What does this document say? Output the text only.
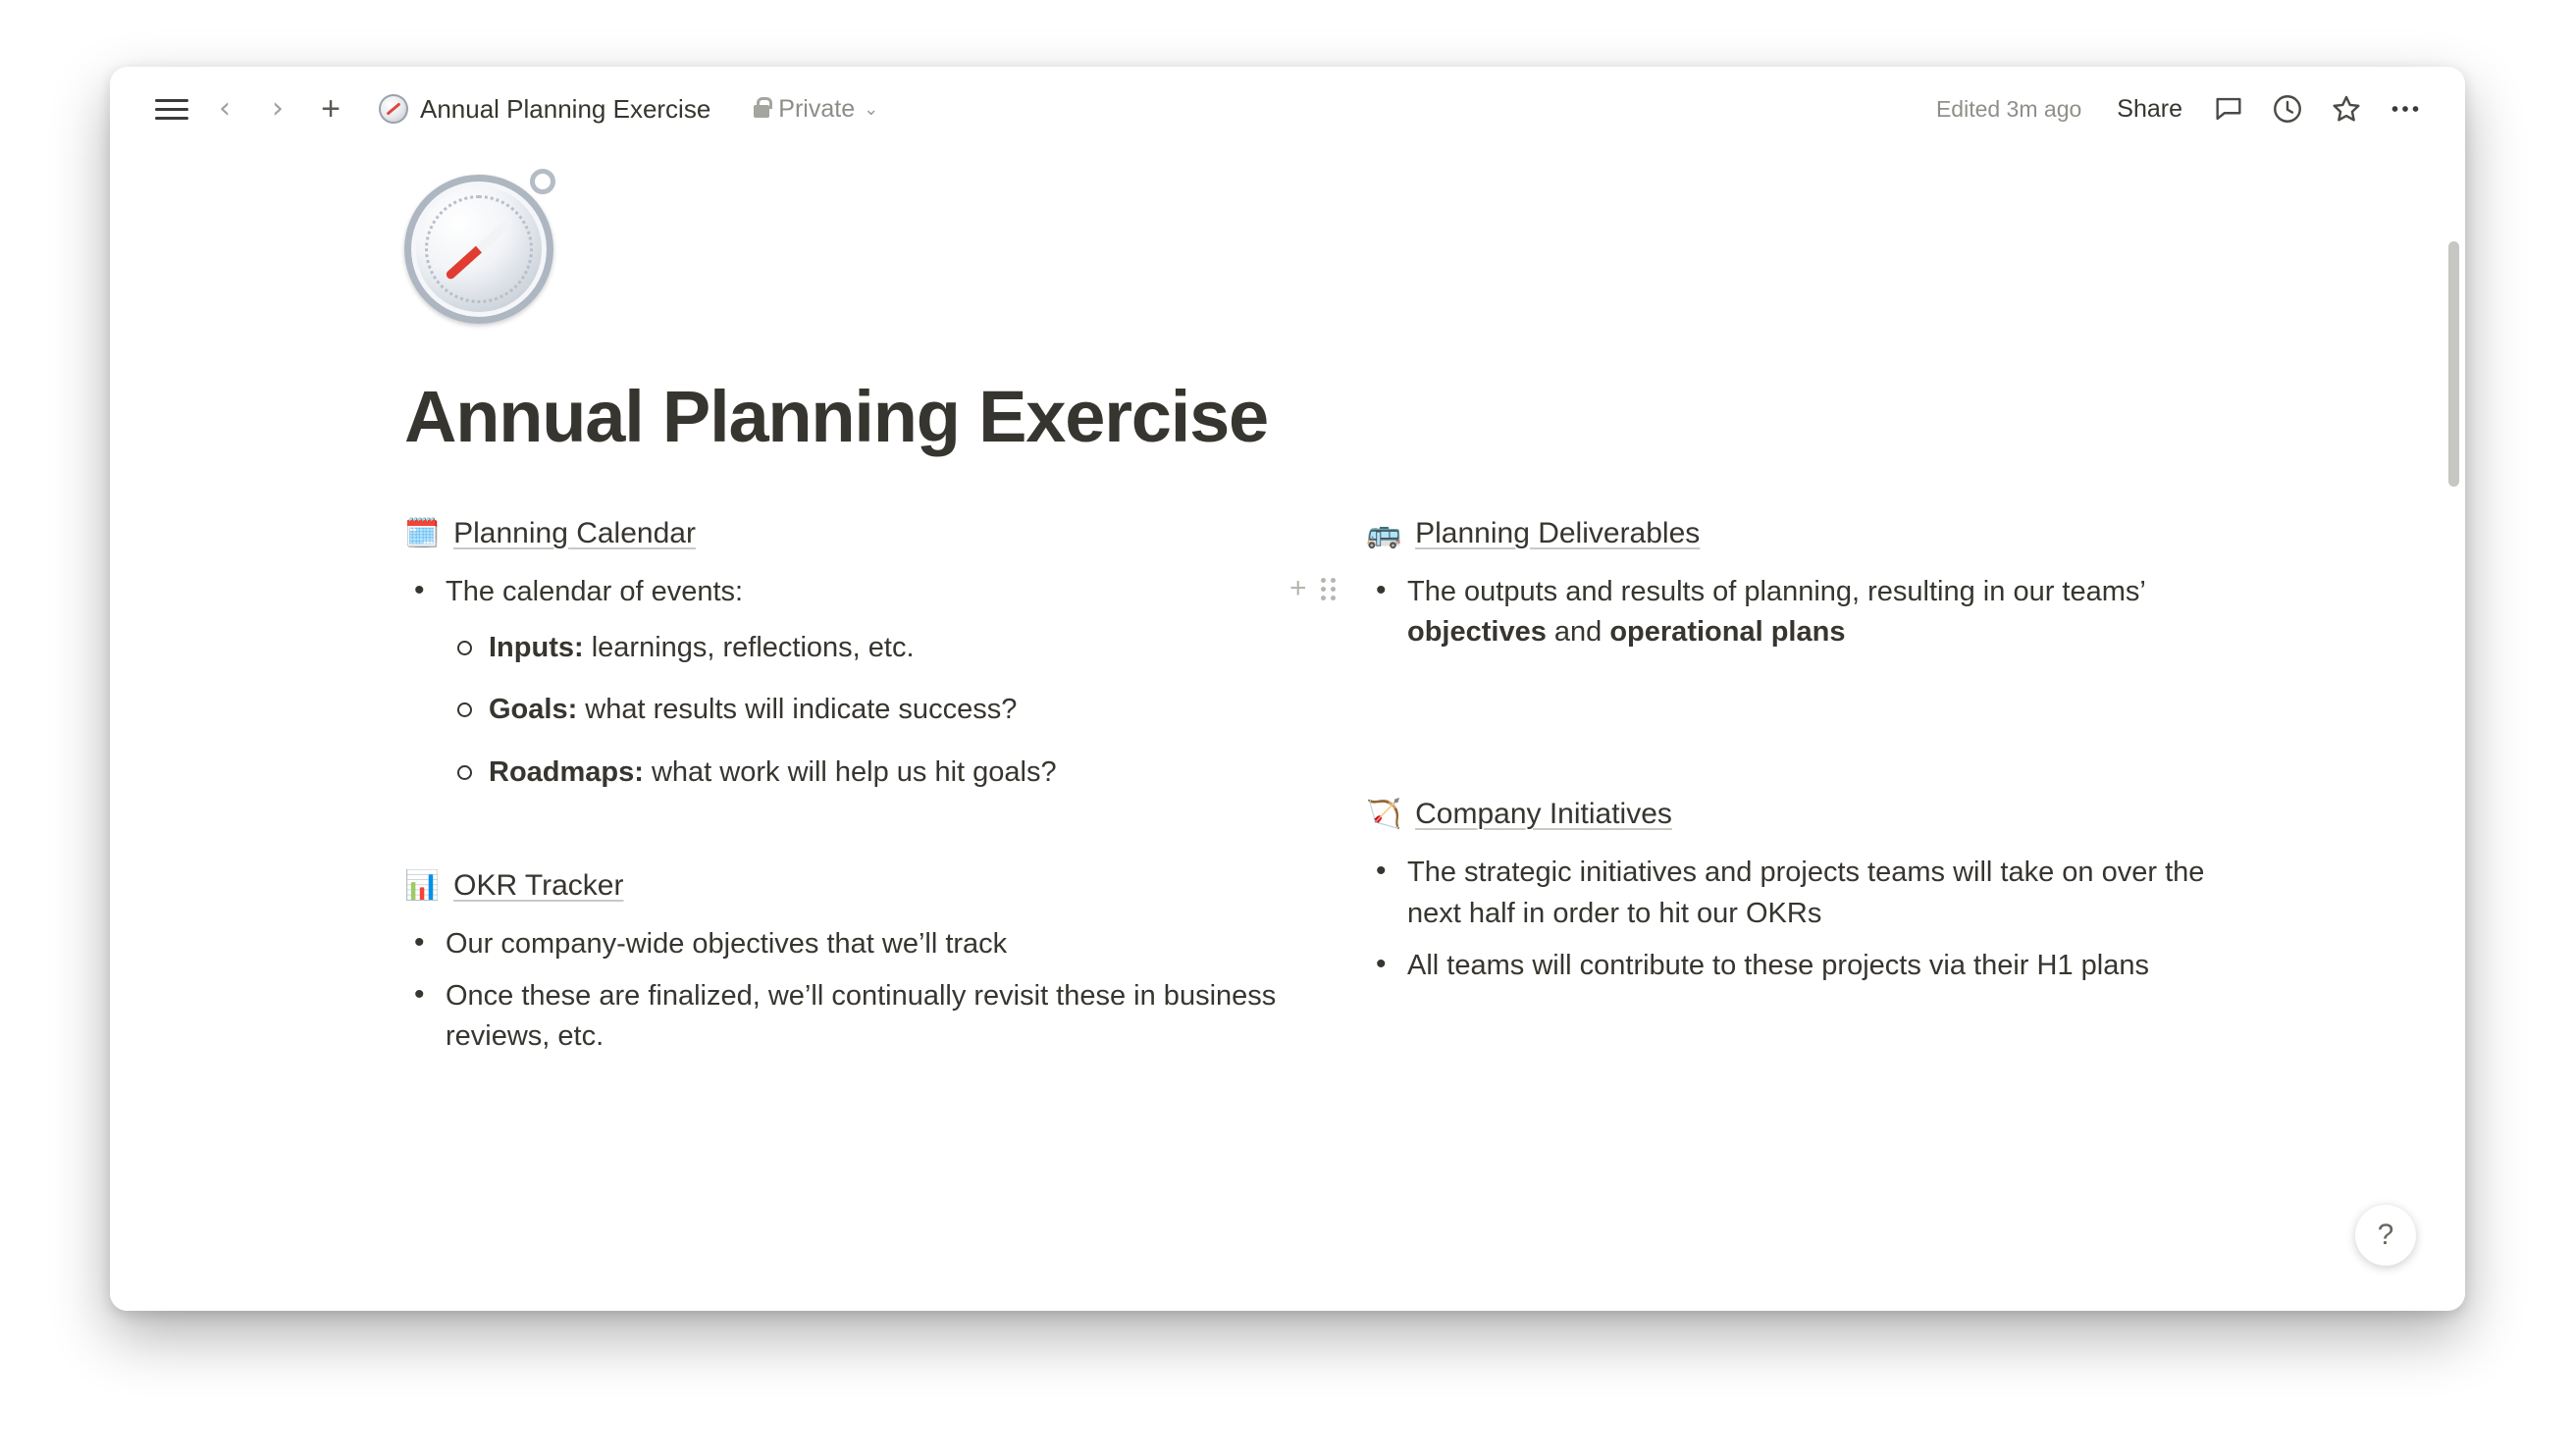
‹ › +	Annual Planning Exercise	Private ⌄	Edited 3m ago	Share
Annual Planning Exercise
🗓️ Planning Calendar
• The calendar of events:
Inputs: learnings, reflections, etc.
Goals: what results will indicate success?
Roadmaps: what work will help us hit goals?
📊 OKR Tracker
• Our company-wide objectives that we’ll track
• Once these are finalized, we’ll continually revisit these in business reviews, etc.
🚌 Planning Deliverables
• +	The outputs and results of planning, resulting in our teams’ objectives and operational plans
🏹 Company Initiatives
• The strategic initiatives and projects teams will take on over the next half in order to hit our OKRs
• All teams will contribute to these projects via their H1 plans
?
